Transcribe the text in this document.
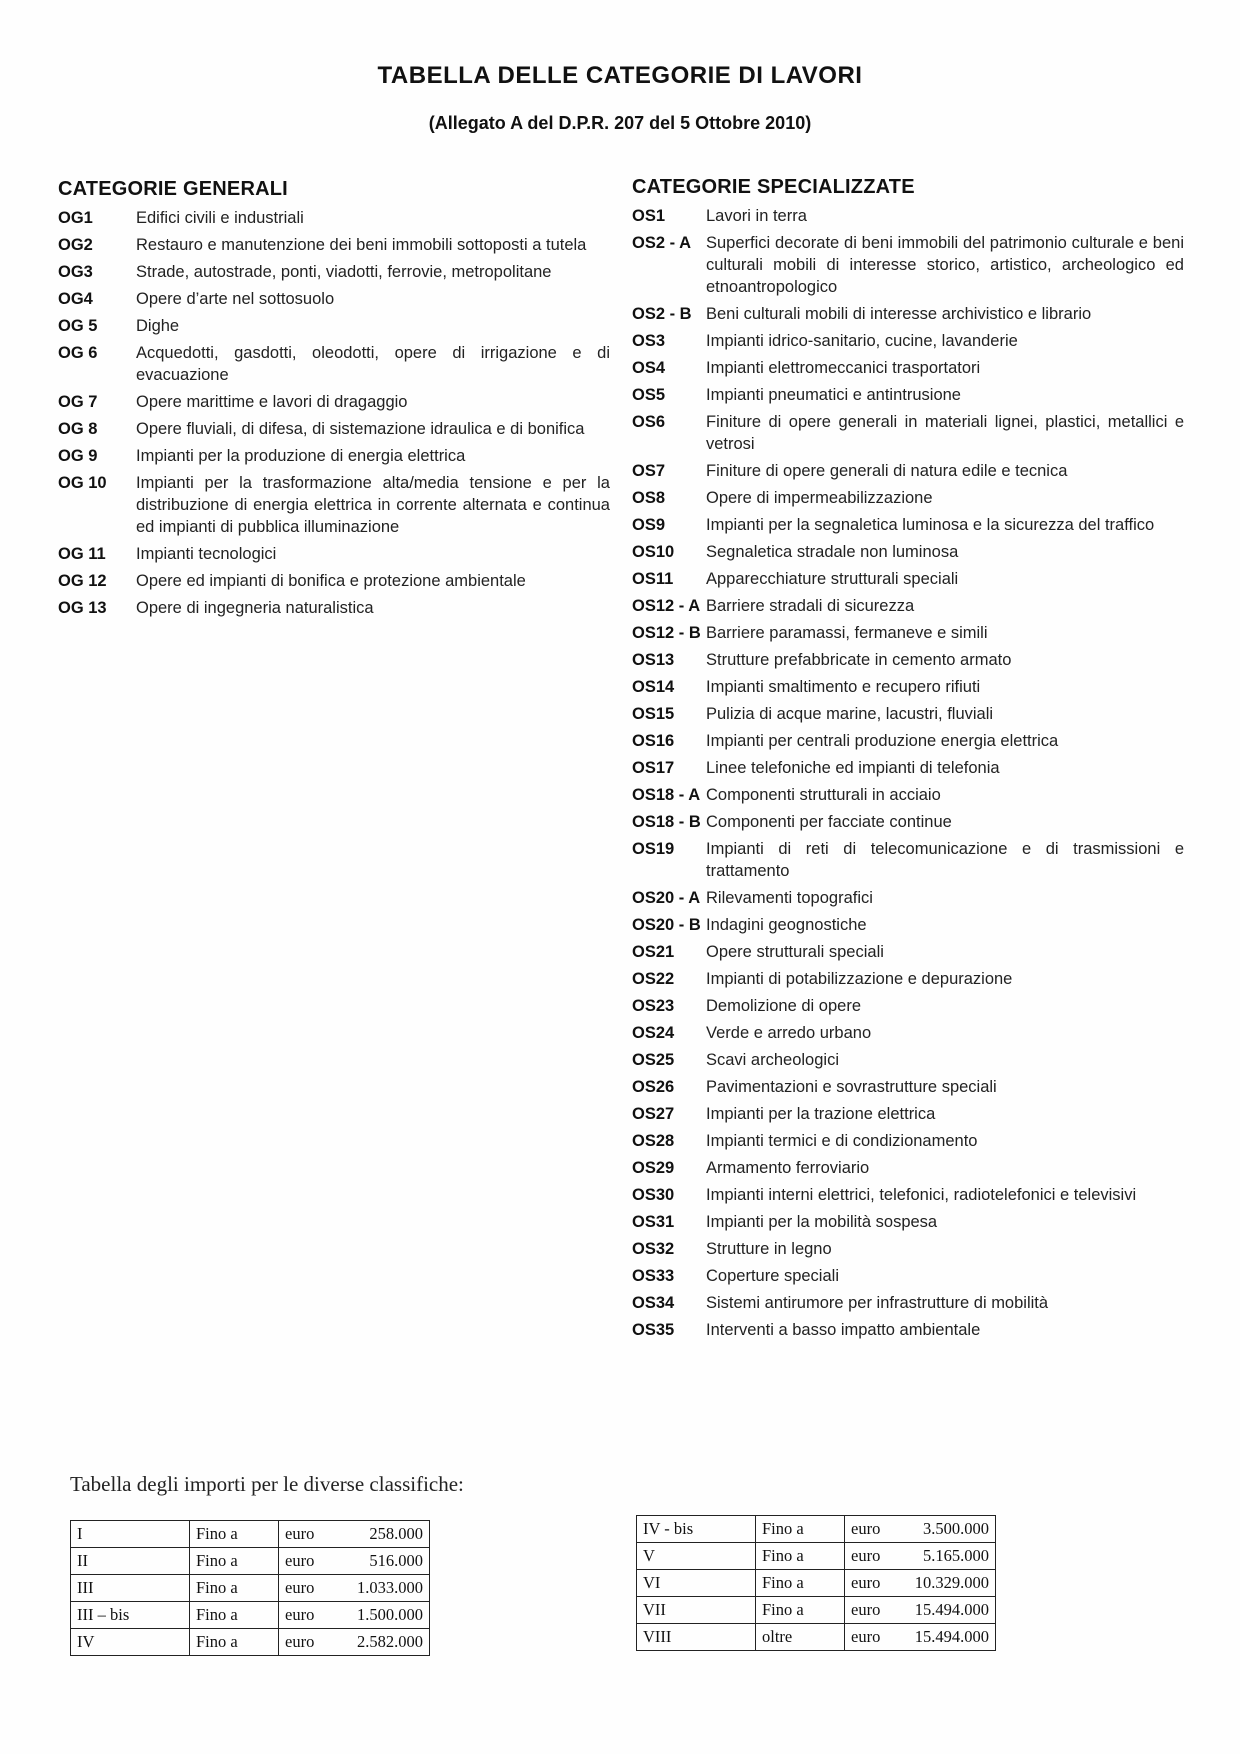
TABELLA DELLE CATEGORIE DI LAVORI
(Allegato A del D.P.R. 207 del 5 Ottobre 2010)
CATEGORIE GENERALI
OG1	Edifici civili e industriali
OG2	Restauro e manutenzione dei beni immobili sottoposti a tutela
OG3	Strade, autostrade, ponti, viadotti, ferrovie, metropolitane
OG4	Opere d’arte nel sottosuolo
OG 5	Dighe
OG 6	Acquedotti, gasdotti, oleodotti, opere di irrigazione e di evacuazione
OG 7	Opere marittime e lavori di dragaggio
OG 8	Opere fluviali, di difesa, di sistemazione idraulica e di bonifica
OG 9	Impianti per la produzione di energia elettrica
OG 10	Impianti per la trasformazione alta/media tensione e per la distribuzione di energia elettrica in corrente alternata e continua ed impianti di pubblica illuminazione
OG 11	Impianti tecnologici
OG 12	Opere ed impianti di bonifica e protezione ambientale
OG 13	Opere di ingegneria naturalistica
CATEGORIE SPECIALIZZATE
OS1	Lavori in terra
OS2 - A Superfici decorate di beni immobili del patrimonio culturale e beni culturali mobili di interesse storico, artistico, archeologico ed etnoantropologico
OS2 - B Beni culturali mobili di interesse archivistico e librario
OS3	Impianti idrico-sanitario, cucine, lavanderie
OS4	Impianti elettromeccanici trasportatori
OS5	Impianti pneumatici e antintrusione
OS6	Finiture di opere generali in materiali lignei, plastici, metallici e vetrosi
OS7	Finiture di opere generali di natura edile e tecnica
OS8	Opere di impermeabilizzazione
OS9	Impianti per la segnaletica luminosa e la sicurezza del traffico
OS10	Segnaletica stradale non luminosa
OS11	Apparecchiature strutturali speciali
OS12 - A Barriere stradali di sicurezza
OS12 - B Barriere paramassi, fermaneve e simili
OS13	Strutture prefabbricate in cemento armato
OS14	Impianti smaltimento e recupero rifiuti
OS15	Pulizia di acque marine, lacustri, fluviali
OS16	Impianti per centrali produzione energia elettrica
OS17	Linee telefoniche ed impianti di telefonia
OS18 - A Componenti strutturali in acciaio
OS18 - B Componenti per facciate continue
OS19	Impianti di reti di telecomunicazione e di trasmissioni e trattamento
OS20 - A Rilevamenti topografici
OS20 - B Indagini geognostiche
OS21	Opere strutturali speciali
OS22	Impianti di potabilizzazione e depurazione
OS23	Demolizione di opere
OS24	Verde e arredo urbano
OS25	Scavi archeologici
OS26	Pavimentazioni e sovrastrutture speciali
OS27	Impianti per la trazione elettrica
OS28	Impianti termici e di condizionamento
OS29	Armamento ferroviario
OS30	Impianti interni elettrici, telefonici, radiotelefonici e televisivi
OS31	Impianti per la mobilità sospesa
OS32	Strutture in legno
OS33	Coperture speciali
OS34	Sistemi antirumore per infrastrutture di mobilità
OS35	Interventi a basso impatto ambientale
Tabella degli importi per le diverse classifiche:
I	Fino a	euro	258.000
II	Fino a	euro	516.000
III	Fino a	euro	1.033.000
III – bis	Fino a	euro	1.500.000
IV	Fino a	euro	2.582.000
IV - bis	Fino a	euro	3.500.000
V	Fino a	euro	5.165.000
VI	Fino a	euro	10.329.000
VII	Fino a	euro	15.494.000
VIII	oltre	euro	15.494.000
